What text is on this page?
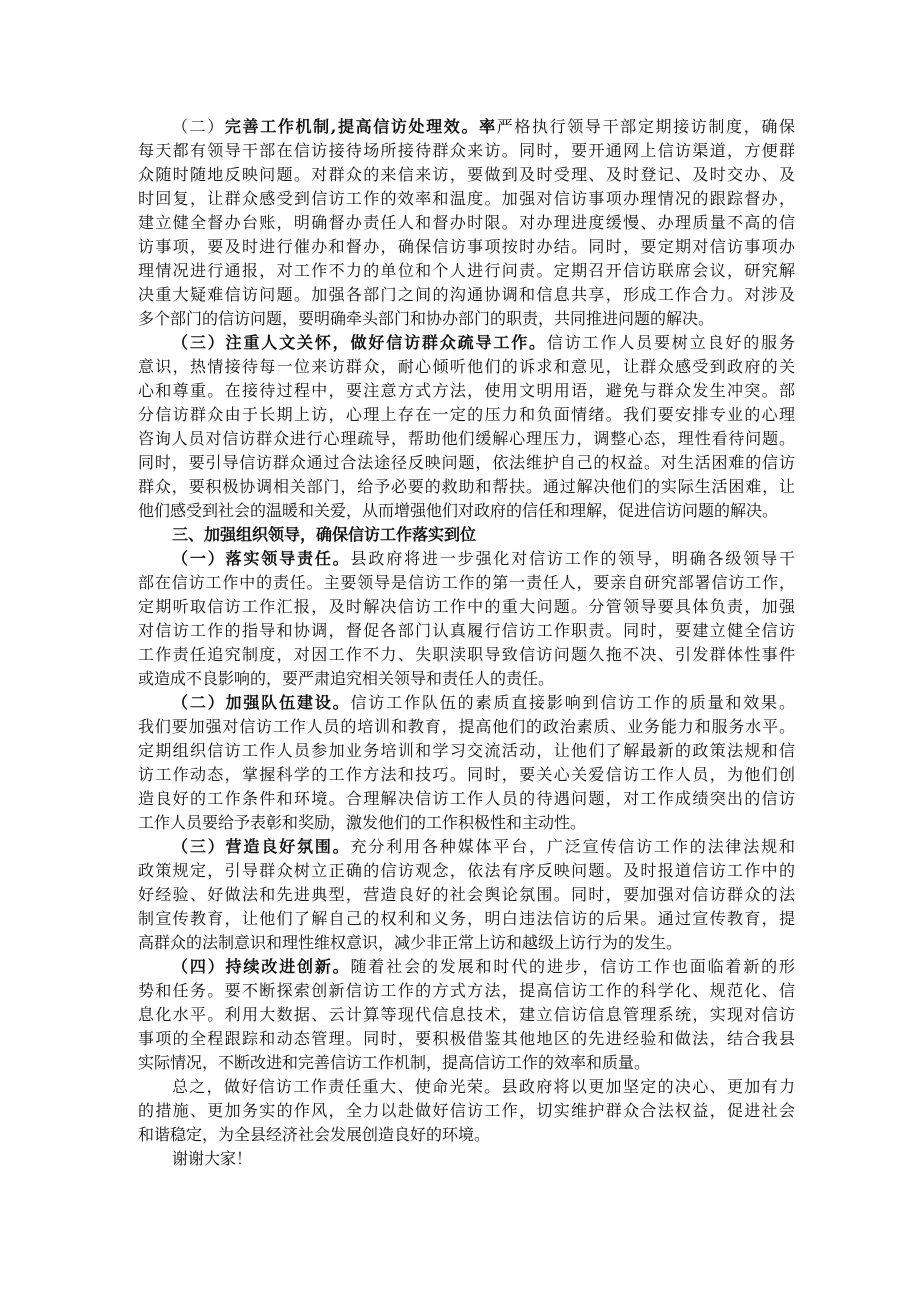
（二）完善工作机制,提高信访处理效。率严格执行领导干部定期接访制度，确保
每天都有领导干部在信访接待场所接待群众来访。同时，要开通网上信访渠道，方便群
众随时随地反映问题。对群众的来信来访，要做到及时受理、及时登记、及时交办、及
时回复，让群众感受到信访工作的效率和温度。加强对信访事项办理情况的跟踪督办，
建立健全督办台账，明确督办责任人和督办时限。对办理进度缓慢、办理质量不高的信
访事项，要及时进行催办和督办，确保信访事项按时办结。同时，要定期对信访事项办
理情况进行通报，对工作不力的单位和个人进行问责。定期召开信访联席会议，研究解
决重大疑难信访问题。加强各部门之间的沟通协调和信息共享，形成工作合力。对涉及
多个部门的信访问题，要明确牵头部门和协办部门的职责，共同推进问题的解决。
（三）注重人文关怀，做好信访群众疏导工作。信访工作人员要树立良好的服务
意识，热情接待每一位来访群众，耐心倾听他们的诉求和意见，让群众感受到政府的关
心和尊重。在接待过程中，要注意方式方法，使用文明用语，避免与群众发生冲突。部
分信访群众由于长期上访，心理上存在一定的压力和负面情绪。我们要安排专业的心理
咨询人员对信访群众进行心理疏导，帮助他们缓解心理压力，调整心态，理性看待问题。
同时，要引导信访群众通过合法途径反映问题，依法维护自己的权益。对生活困难的信访
群众，要积极协调相关部门，给予必要的救助和帮扶。通过解决他们的实际生活困难，让
他们感受到社会的温暖和关爱，从而增强他们对政府的信任和理解，促进信访问题的解决。
三、加强组织领导，确保信访工作落实到位
（一）落实领导责任。县政府将进一步强化对信访工作的领导，明确各级领导干
部在信访工作中的责任。主要领导是信访工作的第一责任人，要亲自研究部署信访工作，
定期听取信访工作汇报，及时解决信访工作中的重大问题。分管领导要具体负责，加强
对信访工作的指导和协调，督促各部门认真履行信访工作职责。同时，要建立健全信访
工作责任追究制度，对因工作不力、失职渎职导致信访问题久拖不决、引发群体性事件
或造成不良影响的，要严肃追究相关领导和责任人的责任。
（二）加强队伍建设。信访工作队伍的素质直接影响到信访工作的质量和效果。
我们要加强对信访工作人员的培训和教育，提高他们的政治素质、业务能力和服务水平。
定期组织信访工作人员参加业务培训和学习交流活动，让他们了解最新的政策法规和信
访工作动态，掌握科学的工作方法和技巧。同时，要关心关爱信访工作人员，为他们创
造良好的工作条件和环境。合理解决信访工作人员的待遇问题，对工作成绩突出的信访
工作人员要给予表彰和奖励，激发他们的工作积极性和主动性。
（三）营造良好氛围。充分利用各种媒体平台，广泛宣传信访工作的法律法规和
政策规定，引导群众树立正确的信访观念，依法有序反映问题。及时报道信访工作中的
好经验、好做法和先进典型，营造良好的社会舆论氛围。同时，要加强对信访群众的法
制宣传教育，让他们了解自己的权利和义务，明白违法信访的后果。通过宣传教育，提
高群众的法制意识和理性维权意识，减少非正常上访和越级上访行为的发生。
（四）持续改进创新。随着社会的发展和时代的进步，信访工作也面临着新的形
势和任务。要不断探索创新信访工作的方式方法，提高信访工作的科学化、规范化、信
息化水平。利用大数据、云计算等现代信息技术，建立信访信息管理系统，实现对信访
事项的全程跟踪和动态管理。同时，要积极借鉴其他地区的先进经验和做法，结合我县
实际情况，不断改进和完善信访工作机制，提高信访工作的效率和质量。
总之，做好信访工作责任重大、使命光荣。县政府将以更加坚定的决心、更加有力
的措施、更加务实的作风，全力以赴做好信访工作，切实维护群众合法权益，促进社会
和谐稳定，为全县经济社会发展创造良好的环境。
谢谢大家！
